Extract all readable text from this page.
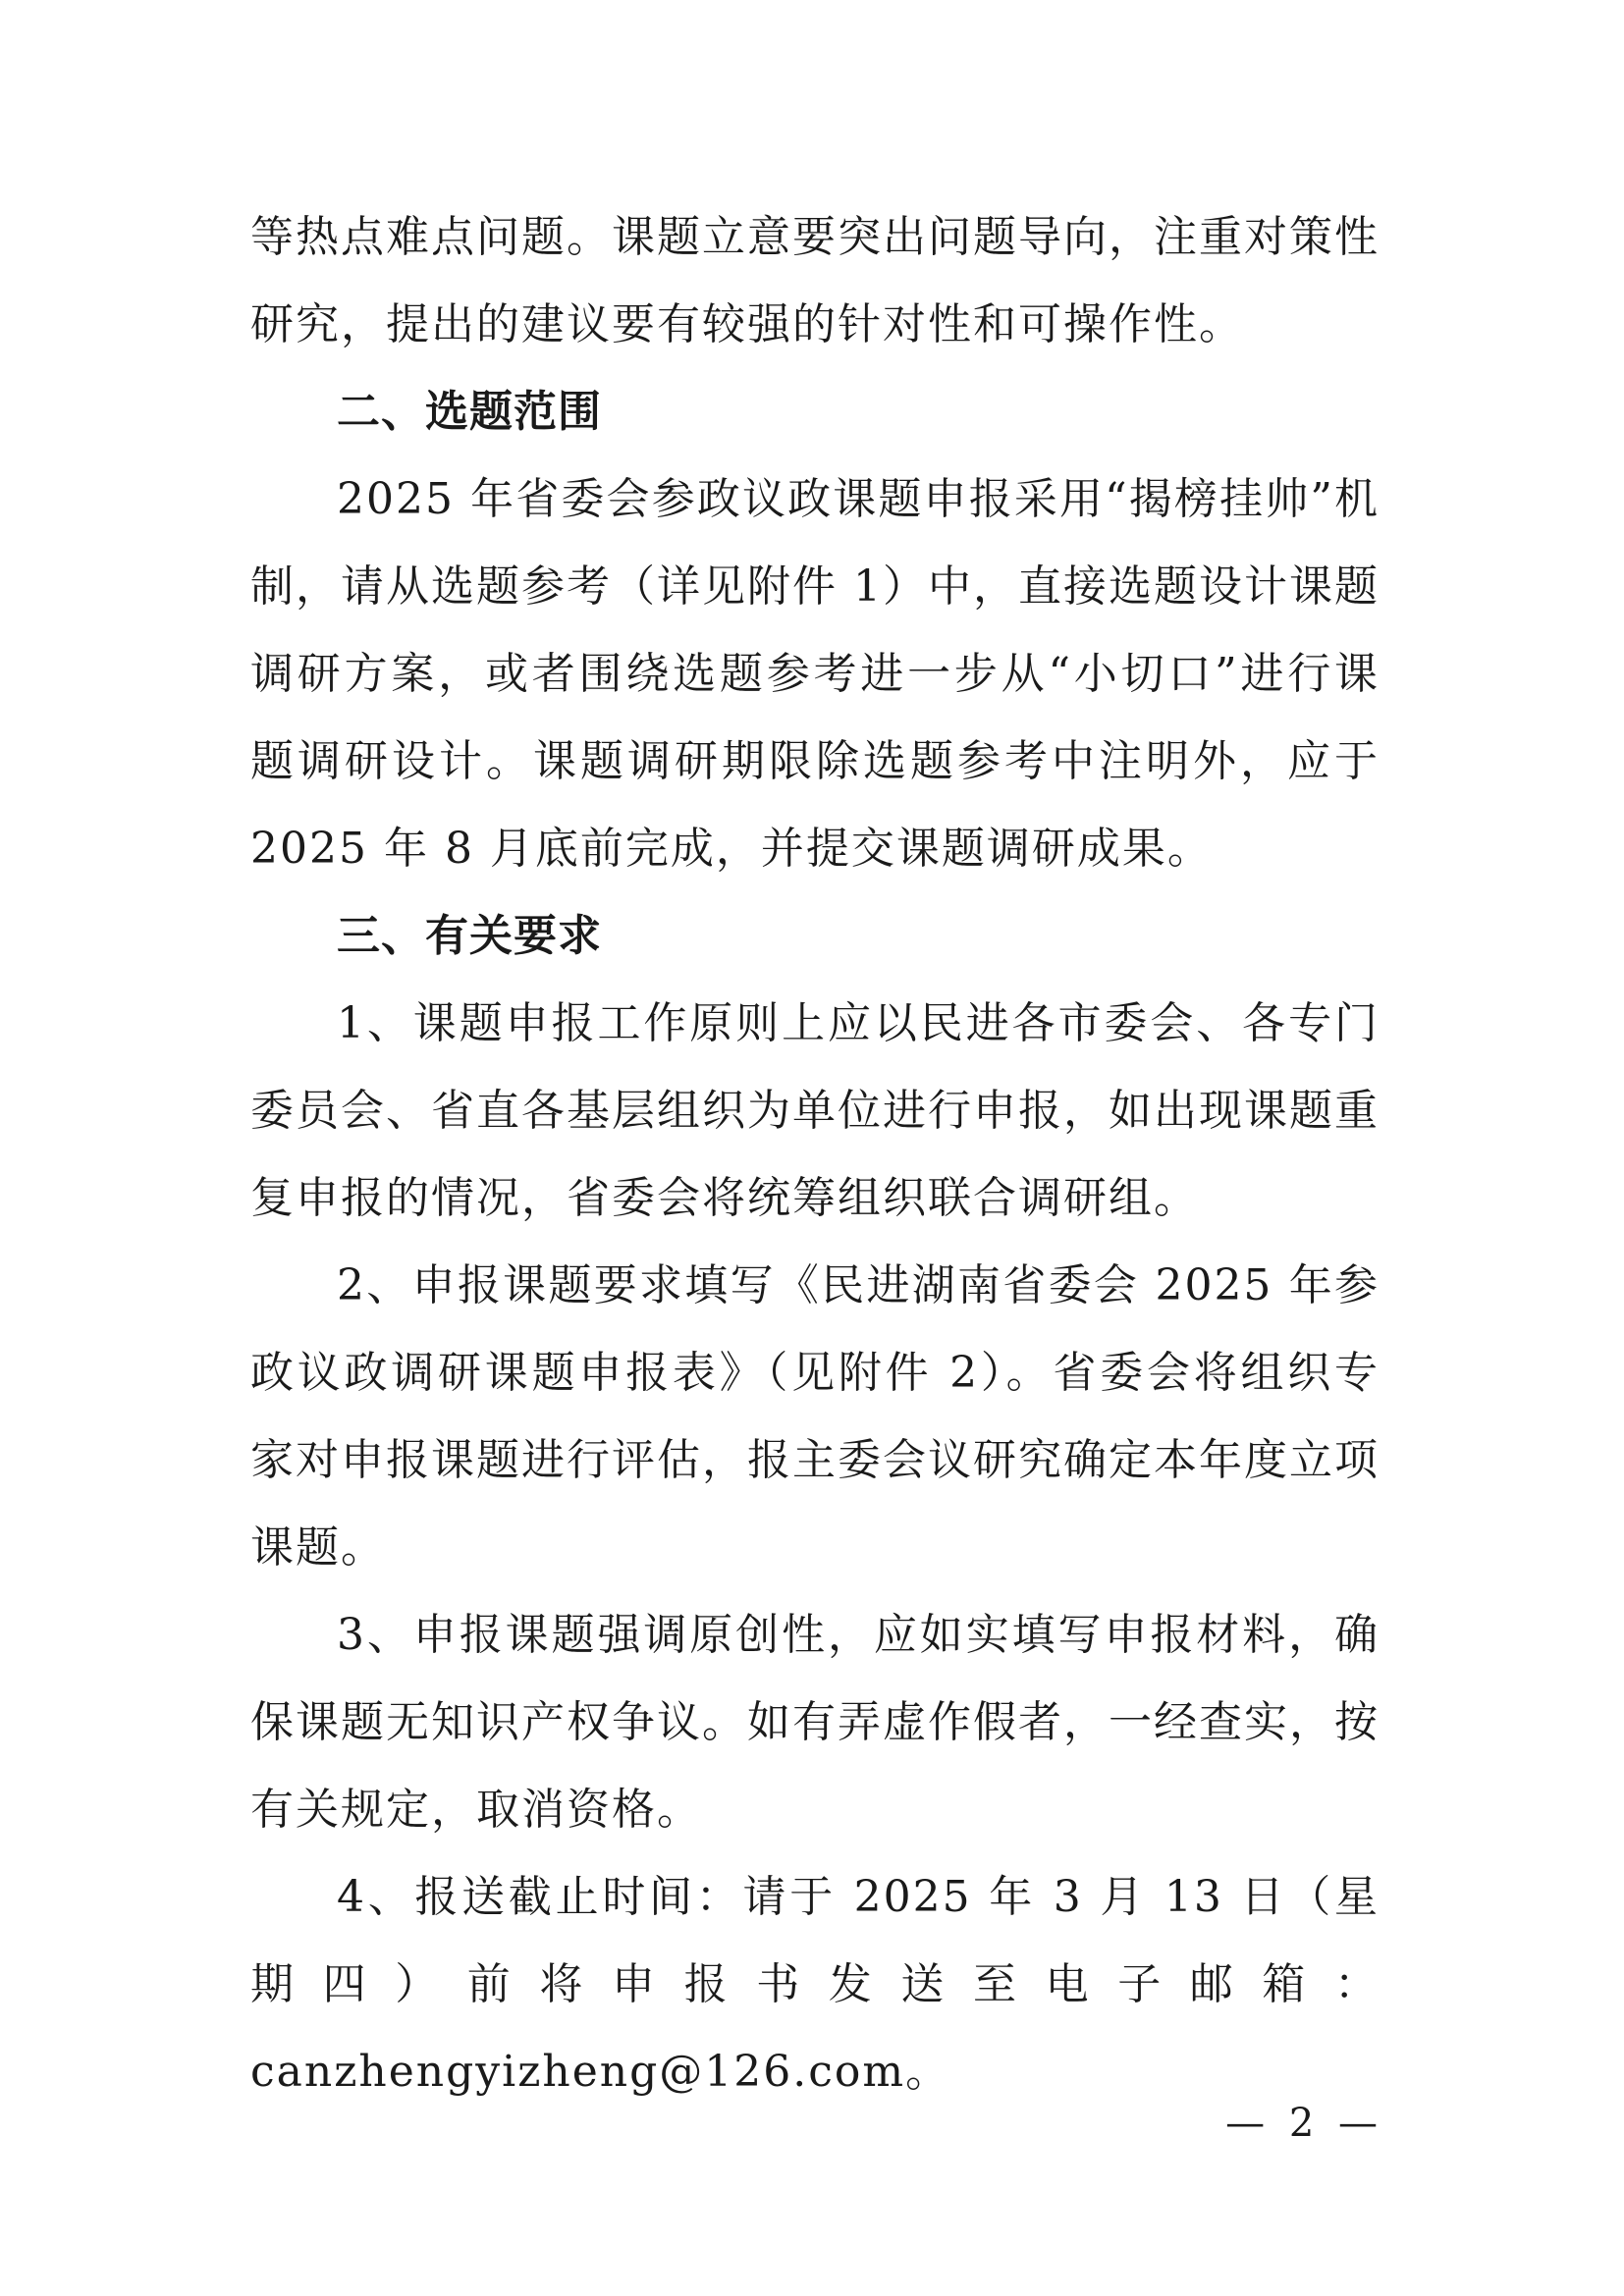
等热点难点问题。课题立意要突出问题导向，注重对策性研究，提出的建议要有较强的针对性和可操作性。

二、选题范围

2025 年省委会参政议政课题申报采用“揭榜挂帅”机制，请从选题参考（详见附件 1）中，直接选题设计课题调研方案，或者围绕选题参考进一步从“小切口”进行课题调研设计。课题调研期限除选题参考中注明外，应于 2025 年 8 月底前完成，并提交课题调研成果。

三、有关要求

1、课题申报工作原则上应以民进各市委会、各专门委员会、省直各基层组织为单位进行申报，如出现课题重复申报的情况，省委会将统筹组织联合调研组。

2、申报课题要求填写《民进湖南省委会 2025 年参政议政调研课题申报表》（见附件 2）。省委会将组织专家对申报课题进行评估，报主委会议研究确定本年度立项课题。

3、申报课题强调原创性，应如实填写申报材料，确保课题无知识产权争议。如有弄虚作假者，一经查实，按有关规定，取消资格。

4、报送截止时间：请于 2025 年 3 月 13 日（星期四）前将申报书发送至电子邮箱：canzhengyizheng@126.com。

— 2 —
